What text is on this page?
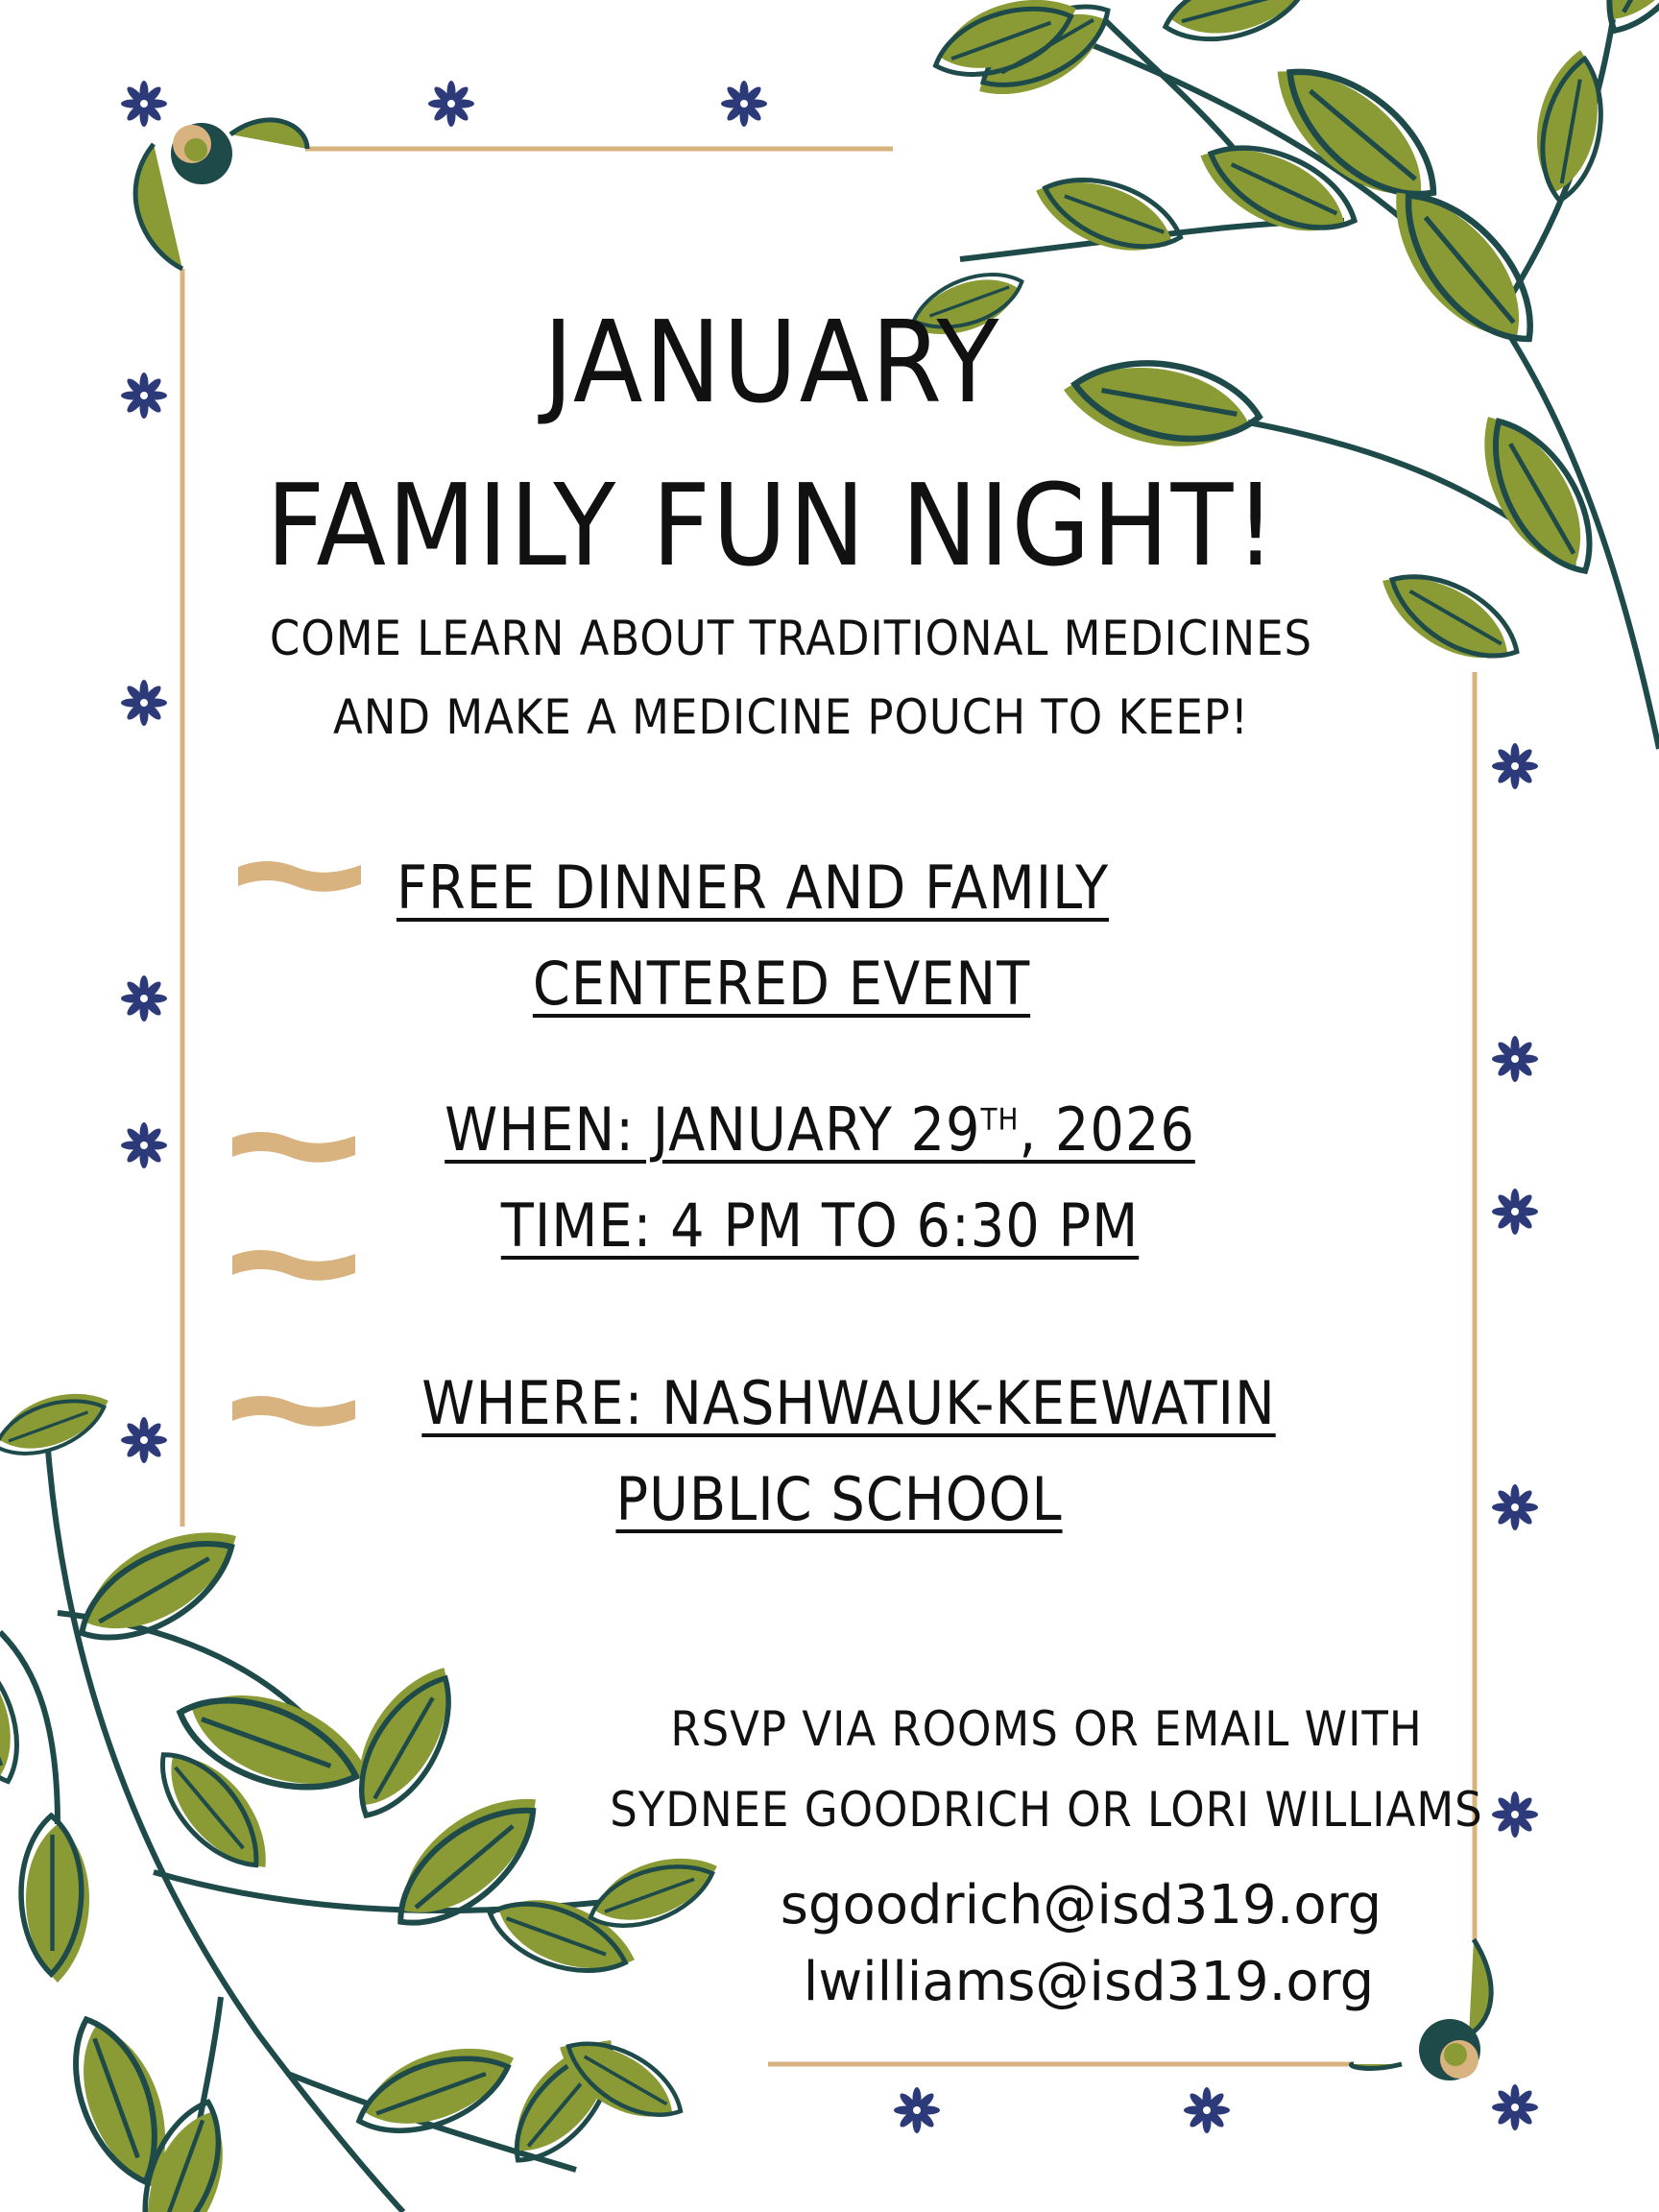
JANUARY
FAMILY FUN NIGHT!
COME LEARN ABOUT TRADITIONAL MEDICINES
AND MAKE A MEDICINE POUCH TO KEEP!
FREE DINNER AND FAMILY
CENTERED EVENT
WHEN: JANUARY 29TH, 2026
TIME: 4 PM TO 6:30 PM
WHERE: NASHWAUK-KEEWATIN
PUBLIC SCHOOL
RSVP VIA ROOMS OR EMAIL WITH
SYDNEE GOODRICH OR LORI WILLIAMS
sgoodrich@isd319.org
lwilliams@isd319.org
